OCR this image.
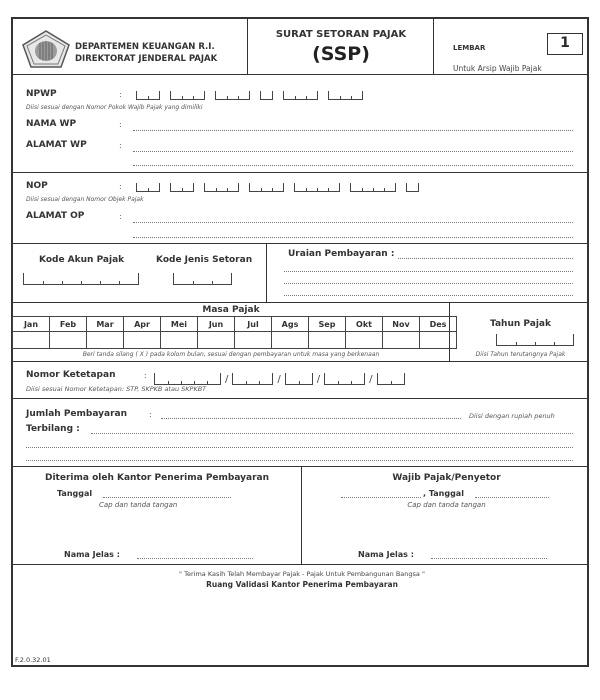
DEPARTEMEN KEUANGAN R.I.
DIREKTORAT JENDERAL PAJAK
SURAT SETORAN PAJAK
(SSP)	LEMBAR	1
Untuk Arsip Wajib Pajak
NPWP	:
Diisi sesuai dengan Nomor Pokok Wajib Pajak yang dimiliki
NAMA WP	:
ALAMAT WP	:
NOP	:
Diisi sesuai dengan Nomor Objek Pajak
ALAMAT OP	:
Kode Akun Pajak	Kode Jenis Setoran
Uraian Pembayaran :
Masa Pajak
Jan	Feb	Mar	Apr	Mei	Jun	Jul	Ags	Sep	Okt	Nov	Des

Beri tanda silang ( X ) pada kolom bulan, sesuai dengan pembayaran untuk masa yang berkenaan
Tahun Pajak
Diisi Tahun terutangnya Pajak
Nomor Ketetapan	:	/	/	/	/
Diisi sesuai Nomor Ketetapan: STP, SKPKB atau SKPKBT
Jumlah Pembayaran	:	Diisi dengan rupiah penuh
Terbilang :
Diterima oleh Kantor Penerima Pembayaran
Tanggal
Cap dan tanda tangan
Nama Jelas :
Wajib Pajak/Penyetor
, Tanggal
Cap dan tanda tangan
Nama Jelas :
" Terima Kasih Telah Membayar Pajak - Pajak Untuk Pembangunan Bangsa "
Ruang Validasi Kantor Penerima Pembayaran
F.2.0.32.01
